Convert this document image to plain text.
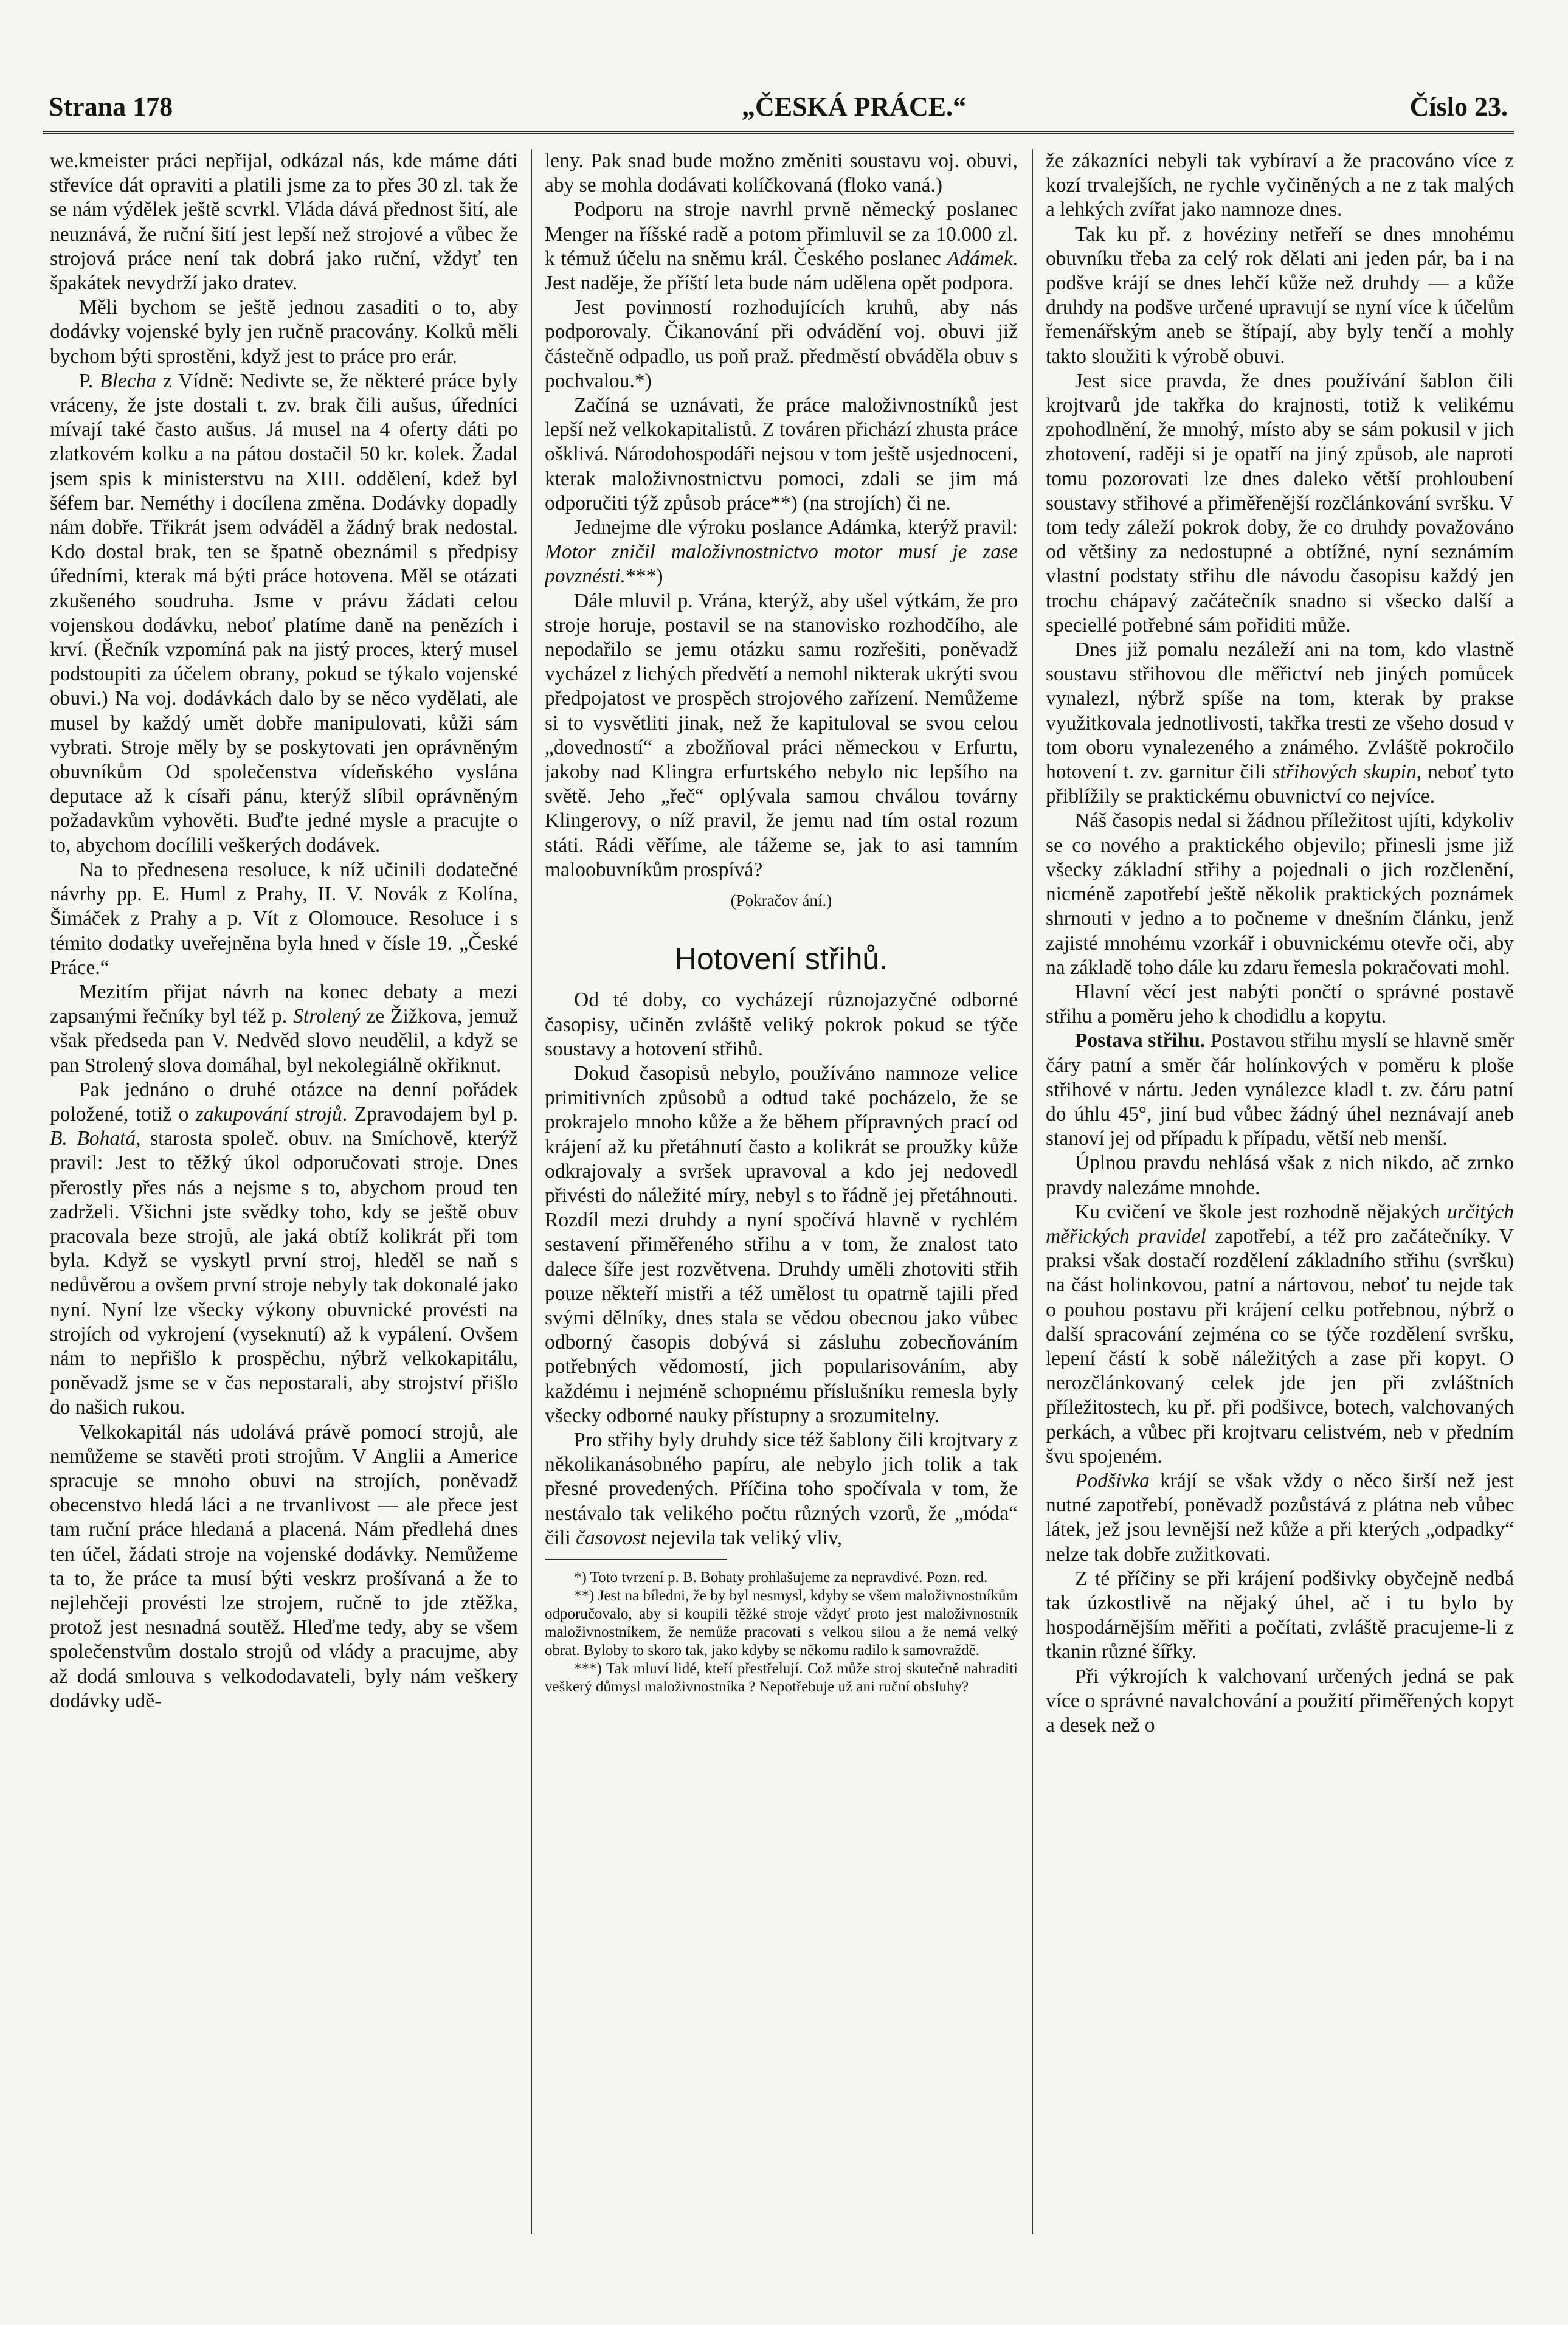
Strana 178	„ČESKÁ PRÁCE.“	Číslo 23.

we.kmeister práci nepřijal, odkázal nás, kde máme dáti střevíce dát opraviti a platili jsme za to přes 30 zl. tak že se nám výdělek ještě scvrkl. Vláda dává přednost šití, ale neuznává, že ruční šití jest lepší než strojové a vůbec že strojová práce není tak dobrá jako ruční, vždyť ten špakátek nevydrží jako dratev.

Měli bychom se ještě jednou zasaditi o to, aby dodávky vojenské byly jen ručně pracovány. Kolků měli bychom býti sprostěni, když jest to práce pro erár.

P. Blecha z Vídně: Nedivte se, že některé práce byly vráceny, že jste dostali t. zv. brak čili aušus, úředníci mívají také často aušus. Já musel na 4 oferty dáti po zlatkovém kolku a na pátou dostačil 50 kr. kolek. Žadal jsem spis k ministerstvu na XIII. oddělení, kdež byl šéfem bar. Neméthy i docílena změna. Dodávky dopadly nám dobře. Třikrát jsem odváděl a žádný brak nedostal. Kdo dostal brak, ten se špatně obeznámil s předpisy úředními, kterak má býti práce hotovena. Měl se otázati zkušeného soudruha. Jsme v právu žádati celou vojenskou dodávku, neboť platíme daně na penězích i krví. (Řečník vzpomíná pak na jistý proces, který musel podstoupiti za účelem obrany, pokud se týkalo vojenské obuvi.) Na voj. dodávkách dalo by se něco vydělati, ale musel by každý umět dobře manipulovati, kůži sám vybrati. Stroje měly by se poskytovati jen oprávněným obuvníkům Od společenstva vídeňského vyslána deputace až k císaři pánu, kterýž slíbil oprávněným požadavkům vyhověti. Buďte jedné mysle a pracujte o to, abychom docílili veškerých dodávek.

Na to přednesena resoluce, k níž učinili dodatečné návrhy pp. E. Huml z Prahy, II. V. Novák z Kolína, Šimáček z Prahy a p. Vít z Olomouce. Resoluce i s témito dodatky uveřejněna byla hned v čísle 19. „České Práce.“

Mezitím přijat návrh na konec debaty a mezi zapsanými řečníky byl též p. Strolený ze Žižkova, jemuž však předseda pan V. Nedvěd slovo neudělil, a když se pan Strolený slova domáhal, byl nekolegiálně okřiknut.

Pak jednáno o druhé otázce na denní pořádek položené, totiž o zakupování strojů. Zpravodajem byl p. B. Bohatá, starosta společ. obuv. na Smíchově, kterýž pravil: Jest to těžký úkol odporučovati stroje. Dnes přerostly přes nás a nejsme s to, abychom proud ten zadrželi. Všichni jste svědky toho, kdy se ještě obuv pracovala beze strojů, ale jaká obtíž kolikrát při tom byla. Když se vyskytl první stroj, hleděl se naň s nedůvěrou a ovšem první stroje nebyly tak dokonalé jako nyní. Nyní lze všecky výkony obuvnické provésti na strojích od vykrojení (vyseknutí) až k vypálení. Ovšem nám to nepřišlo k prospěchu, nýbrž velkokapitálu, poněvadž jsme se v čas nepostarali, aby strojství přišlo do našich rukou.

Velkokapitál nás udolává právě pomocí strojů, ale nemůžeme se stavěti proti strojům. V Anglii a Americe spracuje se mnoho obuvi na strojích, poněvadž obecenstvo hledá láci a ne trvanlivost — ale přece jest tam ruční práce hledaná a placená. Nám předlehá dnes ten účel, žádati stroje na vojenské dodávky. Nemůžeme ta to, že práce ta musí býti veskrz prošívaná a že to nejlehčeji provésti lze strojem, ručně to jde ztěžka, protož jest nesnadná soutěž. Hleďme tedy, aby se všem společenstvům dostalo strojů od vlády a pracujme, aby až dodá smlouva s velkododavateli, byly nám veškery dodávky udě-

leny. Pak snad bude možno změniti soustavu voj. obuvi, aby se mohla dodávati kolíčkovaná (floko vaná.)

Podporu na stroje navrhl prvně německý poslanec Menger na říšské radě a potom přimluvil se za 10.000 zl. k témuž účelu na sněmu král. Českého poslanec Adámek. Jest naděje, že příští leta bude nám udělena opět podpora.

Jest povinností rozhodujících kruhů, aby nás podporovaly. Čikanování při odvádění voj. obuvi již částečně odpadlo, us poň praž. předměstí obváděla obuv s pochvalou.*)

Začíná se uznávati, že práce maloživnostníků jest lepší než velkokapitalistů. Z továren přichází zhusta práce ošklivá. Národohospodáři nejsou v tom ještě usjednoceni, kterak maloživnostnictvu pomoci, zdali se jim má odporučiti týž způsob práce**) (na strojích) či ne.

Jednejme dle výroku poslance Adámka, kterýž pravil: Motor zničil maloživnostnictvo motor musí je zase povznésti.***)

Dále mluvil p. Vrána, kterýž, aby ušel výtkám, že pro stroje horuje, postavil se na stanovisko rozhodčího, ale nepodařilo se jemu otázku samu rozřešiti, poněvadž vycházel z lichých předvětí a nemohl nikterak ukrýti svou předpojatost ve prospěch strojového zařízení. Nemůžeme si to vysvětliti jinak, než že kapituloval se svou celou „dovedností“ a zbožňoval práci německou v Erfurtu, jakoby nad Klingra erfurtského nebylo nic lepšího na světě. Jeho „řeč“ oplývala samou chválou továrny Klingerovy, o níž pravil, že jemu nad tím ostal rozum státi. Rádi věříme, ale tážeme se, jak to asi tamním maloobuvníkům prospívá?

(Pokračov ání.)

Hotovení střihů.

Od té doby, co vycházejí různojazyčné odborné časopisy, učiněn zvláště veliký pokrok pokud se týče soustavy a hotovení střihů.

Dokud časopisů nebylo, používáno namnoze velice primitivních způsobů a odtud také pocházelo, že se prokrajelo mnoho kůže a že během přípravných prací od krájení až ku přetáhnutí často a kolikrát se proužky kůže odkrajovaly a svršek upravoval a kdo jej nedovedl přivésti do náležité míry, nebyl s to řádně jej přetáhnouti. Rozdíl mezi druhdy a nyní spočívá hlavně v rychlém sestavení přiměřeného střihu a v tom, že znalost tato dalece šíře jest rozvětvena. Druhdy uměli zhotoviti střih pouze někteří mistři a též umělost tu opatrně tajili před svými dělníky, dnes stala se vědou obecnou jako vůbec odborný časopis dobývá si zásluhu zobecňováním potřebných vědomostí, jich popularisováním, aby každému i nejméně schopnému příslušníku remesla byly všecky odborné nauky přístupny a srozumitelny.

Pro střihy byly druhdy sice též šablony čili krojtvary z několikanásobného papíru, ale nebylo jich tolik a tak přesné provedených. Příčina toho spočívala v tom, že nestávalo tak velikého počtu různých vzorů, že „móda“ čili časovost nejevila tak veliký vliv,

*) Toto tvrzení p. B. Bohaty prohlašujeme za nepravdivé. Pozn. red.

**) Jest na bíledni, že by byl nesmysl, kdyby se všem maloživnostníkům odporučovalo, aby si koupili těžké stroje vždyť proto jest maloživnostník maloživnostníkem, že nemůže pracovati s velkou silou a že nemá velký obrat. Byloby to skoro tak, jako kdyby se někomu radilo k samovraždě.

***) Tak mluví lidé, kteří přestřelují. Což může stroj skutečně nahraditi veškerý důmysl maloživnostníka ? Nepotřebuje už ani ruční obsluhy?

že zákazníci nebyli tak vybíraví a že pracováno více z kozí trvalejších, ne rychle vyčiněných a ne z tak malých a lehkých zvířat jako namnoze dnes.

Tak ku př. z hovéziny netřeří se dnes mnohému obuvníku třeba za celý rok dělati ani jeden pár, ba i na podšve krájí se dnes lehčí kůže než druhdy — a kůže druhdy na podšve určené upravují se nyní více k účelům řemenářským aneb se štípají, aby byly tenčí a mohly takto sloužiti k výrobě obuvi.

Jest sice pravda, že dnes používání šablon čili krojtvarů jde takřka do krajnosti, totiž k velikému zpohodlnění, že mnohý, místo aby se sám pokusil v jich zhotovení, raději si je opatří na jiný způsob, ale naproti tomu pozorovati lze dnes daleko větší prohloubení soustavy střihové a přiměřenější rozčlánkování svršku. V tom tedy záleží pokrok doby, že co druhdy považováno od většiny za nedostupné a obtížné, nyní seznámím vlastní podstaty střihu dle návodu časopisu každý jen trochu chápavý začátečník snadno si všecko další a speciellé potřebné sám pořiditi může.

Dnes již pomalu nezáleží ani na tom, kdo vlastně soustavu střihovou dle měřictví neb jiných pomůcek vynalezl, nýbrž spíše na tom, kterak by prakse využitkovala jednotlivosti, takřka tresti ze všeho dosud v tom oboru vynalezeného a známého. Zvláště pokročilo hotovení t. zv. garnitur čili střihových skupin, neboť tyto přiblížily se praktickému obuvnictví co nejvíce.

Náš časopis nedal si žádnou příležitost ujíti, kdykoliv se co nového a praktického objevilo; přinesli jsme již všecky základní střihy a pojednali o jich rozčlenění, nicméně zapotřebí ještě několik praktických poznámek shrnouti v jedno a to počneme v dnešním článku, jenž zajisté mnohému vzorkář i obuvnickému otevře oči, aby na základě toho dále ku zdaru řemesla pokračovati mohl.

Hlavní věcí jest nabýti pončtí o správné postavě střihu a poměru jeho k chodidlu a kopytu.

Postava střihu. Postavou střihu myslí se hlavně směr čáry patní a směr čár holínkových v poměru k ploše střihové v nártu. Jeden vynálezce kladl t. zv. čáru patní do úhlu 45°, jiní bud vůbec žádný úhel neznávají aneb stanoví jej od případu k případu, větší neb menší.

Úplnou pravdu nehlásá však z nich nikdo, ač zrnko pravdy nalezáme mnohde.

Ku cvičení ve škole jest rozhodně nějakých určitých měřických pravidel zapotřebí, a též pro začátečníky. V praksi však dostačí rozdělení základního střihu (svršku) na část holinkovou, patní a nártovou, neboť tu nejde tak o pouhou postavu při krájení celku potřebnou, nýbrž o další spracování zejména co se týče rozdělení svršku, lepení částí k sobě náležitých a zase při kopyt. O nerozčlánkovaný celek jde jen při zvláštních příležitostech, ku př. při podšivce, botech, valchovaných perkách, a vůbec při krojtvaru celistvém, neb v předním švu spojeném.

Podšivka krájí se však vždy o něco širší než jest nutné zapotřebí, poněvadž pozůstává z plátna neb vůbec látek, jež jsou levnější než kůže a při kterých „odpadky“ nelze tak dobře zužitkovati.

Z té příčiny se při krájení podšivky obyčejně nedbá tak úzkostlivě na nějaký úhel, ač i tu bylo by hospodárnějším měřiti a počítati, zvláště pracujeme-li z tkanin různé šířky.

Při výkrojích k valchovaní určených jedná se pak více o správné navalchování a použití přiměřených kopyt a desek než o
